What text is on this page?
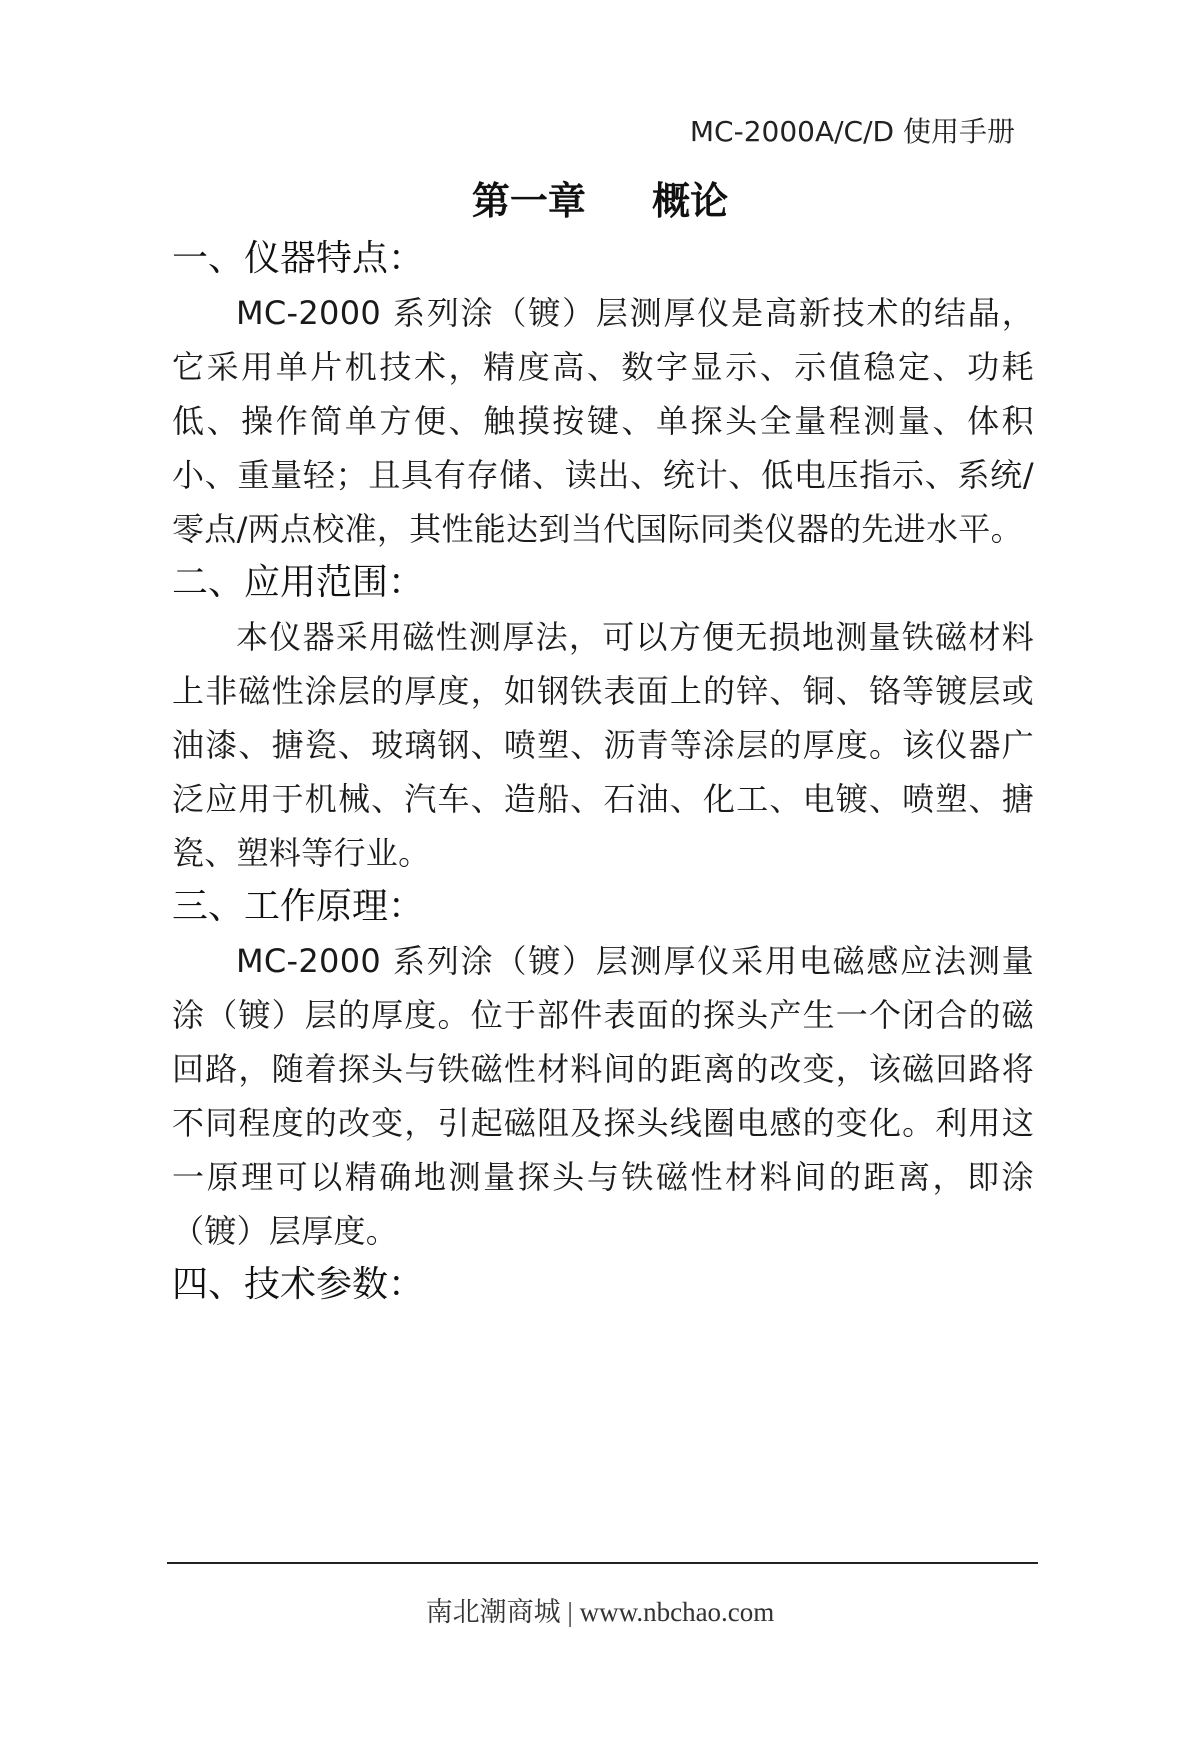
MC-2000A/C/D 使用手册
第一章     概论
一、仪器特点：

MC-2000 系列涂（镀）层测厚仪是高新技术的结晶，它采用单片机技术，精度高、数字显示、示值稳定、功耗低、操作简单方便、触摸按键、单探头全量程测量、体积小、重量轻；且具有存储、读出、统计、低电压指示、系统/零点/两点校准，其性能达到当代国际同类仪器的先进水平。

二、应用范围：

本仪器采用磁性测厚法，可以方便无损地测量铁磁材料上非磁性涂层的厚度，如钢铁表面上的锌、铜、铬等镀层或油漆、搪瓷、玻璃钢、喷塑、沥青等涂层的厚度。该仪器广泛应用于机械、汽车、造船、石油、化工、电镀、喷塑、搪瓷、塑料等行业。

三、工作原理：

MC-2000 系列涂（镀）层测厚仪采用电磁感应法测量涂（镀）层的厚度。位于部件表面的探头产生一个闭合的磁回路，随着探头与铁磁性材料间的距离的改变，该磁回路将不同程度的改变，引起磁阻及探头线圈电感的变化。利用这一原理可以精确地测量探头与铁磁性材料间的距离，即涂（镀）层厚度。

四、技术参数：
南北潮商城 | www.nbchao.com
